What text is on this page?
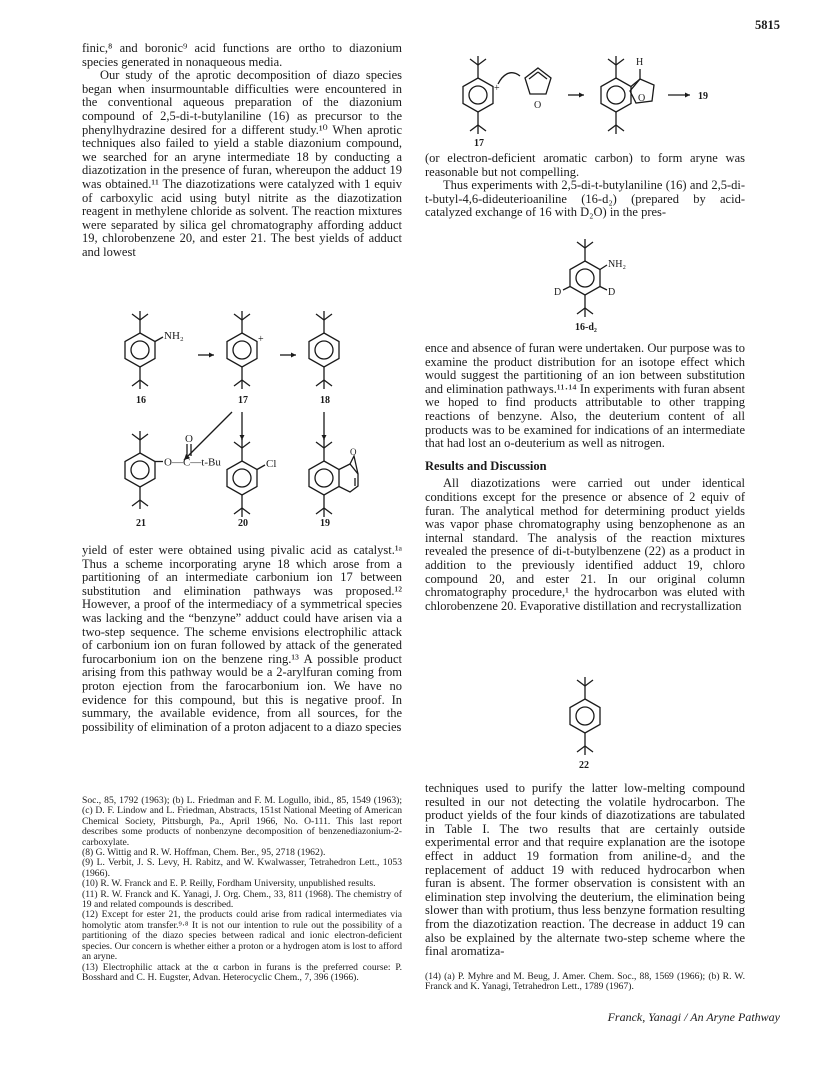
5815

finic,⁸ and boronic⁹ acid functions are ortho to diazonium species generated in nonaqueous media.

Our study of the aprotic decomposition of diazo species began when insurmountable difficulties were encountered in the conventional aqueous preparation of the diazonium compound of 2,5-di-t-butylaniline (16) as precursor to the phenylhydrazine desired for a different study.¹⁰ When aprotic techniques also failed to yield a stable diazonium compound, we searched for an aryne intermediate 18 by conducting a diazotization in the presence of furan, whereupon the adduct 19 was obtained.¹¹ The diazotizations were catalyzed with 1 equiv of carboxylic acid using butyl nitrite as the diazotization reagent in methylene chloride as solvent. The reaction mixtures were separated by silica gel chromatography affording adduct 19, chlorobenzene 20, and ester 21. The best yields of adduct and lowest

NH₂
16
+
17	18
O—C—t-Bu
O
21
Cl
20
O
19

yield of ester were obtained using pivalic acid as catalyst.¹ᵃ Thus a scheme incorporating aryne 18 which arose from a partitioning of an intermediate carbonium ion 17 between substitution and elimination pathways was proposed.¹² However, a proof of the intermediacy of a symmetrical species was lacking and the “benzyne” adduct could have arisen via a two-step sequence. The scheme envisions electrophilic attack of carbonium ion on furan followed by attack of the generated furocarbonium ion on the benzene ring.¹³ A possible product arising from this pathway would be a 2-arylfuran coming from proton ejection from the farocarbonium ion. We have no evidence for this compound, but this is negative proof. In summary, the available evidence, from all sources, for the possibility of elimination of a proton adjacent to a diazo species

Soc., 85, 1792 (1963); (b) L. Friedman and F. M. Logullo, ibid., 85, 1549 (1963); (c) D. F. Lindow and L. Friedman, Abstracts, 151st National Meeting of American Chemical Society, Pittsburgh, Pa., April 1966, No. O-111. This last report describes some products of nonbenzyne decomposition of benzenediazonium-2-carboxylate.

(8) G. Wittig and R. W. Hoffman, Chem. Ber., 95, 2718 (1962).

(9) L. Verbit, J. S. Levy, H. Rabitz, and W. Kwalwasser, Tetrahedron Lett., 1053 (1966).

(10) R. W. Franck and E. P. Reilly, Fordham University, unpublished results.

(11) R. W. Franck and K. Yanagi, J. Org. Chem., 33, 811 (1968). The chemistry of 19 and related compounds is described.

(12) Except for ester 21, the products could arise from radical intermediates via homolytic atom transfer.⁹·⁸ It is not our intention to rule out the possibility of a partitioning of the diazo species between radical and ionic electron-deficient species. Our concern is whether either a proton or a hydrogen atom is lost to afford an aryne.

(13) Electrophilic attack at the α carbon in furans is the preferred course: P. Bosshard and C. H. Eugster, Advan. Heterocyclic Chem., 7, 396 (1966).

+
O
H
O	19
17

(or electron-deficient aromatic carbon) to form aryne was reasonable but not compelling.

Thus experiments with 2,5-di-t-butylaniline (16) and 2,5-di-t-butyl-4,6-dideuterioaniline (16-d₂) (prepared by acid-catalyzed exchange of 16 with D₂O) in the pres-

NH₂
D	D
16-d₂

ence and absence of furan were undertaken. Our purpose was to examine the product distribution for an isotope effect which would suggest the partitioning of an ion between substitution and elimination pathways.¹¹·¹⁴ In experiments with furan absent we hoped to find products attributable to other trapping reactions of benzyne. Also, the deuterium content of all products was to be examined for indications of an intermediate that had lost an o-deuterium as well as nitrogen.

Results and Discussion

All diazotizations were carried out under identical conditions except for the presence or absence of 2 equiv of furan. The analytical method for determining product yields was vapor phase chromatography using benzophenone as an internal standard. The analysis of the reaction mixtures revealed the presence of di-t-butylbenzene (22) as a product in addition to the previously identified adduct 19, chloro compound 20, and ester 21. In our original column chromatography procedure,¹ the hydrocarbon was eluted with chlorobenzene 20. Evaporative distillation and recrystallization

22

techniques used to purify the latter low-melting compound resulted in our not detecting the volatile hydrocarbon. The product yields of the four kinds of diazotizations are tabulated in Table I. The two results that are certainly outside experimental error and that require explanation are the isotope effect in adduct 19 formation from aniline-d₂ and the replacement of adduct 19 with reduced hydrocarbon when furan is absent. The former observation is consistent with an elimination step involving the deuterium, the elimination being slower than with protium, thus less benzyne formation resulting from the diazotization reaction. The decrease in adduct 19 can also be explained by the alternate two-step scheme where the final aromatiza-

(14) (a) P. Myhre and M. Beug, J. Amer. Chem. Soc., 88, 1569 (1966); (b) R. W. Franck and K. Yanagi, Tetrahedron Lett., 1789 (1967).

Franck, Yanagi / An Aryne Pathway
